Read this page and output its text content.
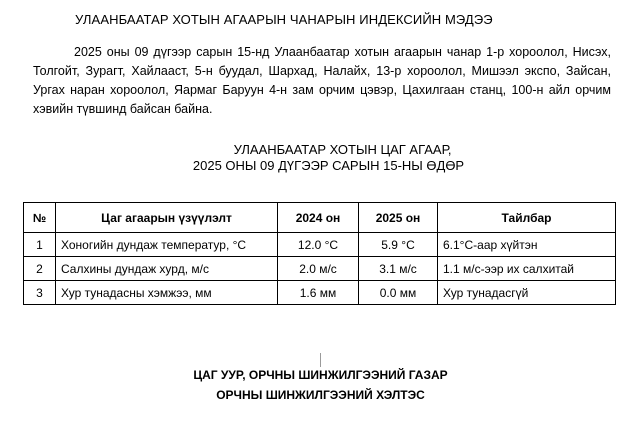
УЛААНБААТАР ХОТЫН АГААРЫН ЧАНАРЫН ИНДЕКСИЙН МЭДЭЭ
2025 оны 09 дүгээр сарын 15-нд Улаанбаатар хотын агаарын чанар 1-р хороолол, Нисэх, Толгойт, Зурагт, Хайлааст, 5-н буудал, Шархад, Налайх, 13-р хороолол, Мишээл экспо, Зайсан, Ургах наран хороолол, Яармаг Баруун 4-н зам орчим цэвэр, Цахилгаан станц, 100-н айл орчим хэвийн түвшинд байсан байна.
УЛААНБААТАР ХОТЫН ЦАГ АГААР,
2025 ОНЫ 09 ДҮГЭЭР САРЫН 15-НЫ ӨДӨР
№	Цаг агаарын үзүүлэлт	2024 он	2025 он	Тайлбар
1	Хоногийн дундаж температур, °С	12.0 °С	5.9 °С	6.1°С-аар хүйтэн
2	Салхины дундаж хурд, м/с	2.0 м/с	3.1 м/с	1.1 м/с-ээр их салхитай
3	Хур тунадасны хэмжээ, мм	1.6 мм	0.0 мм	Хур тунадасгүй
ЦАГ УУР, ОРЧНЫ ШИНЖИЛГЭЭНИЙ ГАЗАР
ОРЧНЫ ШИНЖИЛГЭЭНИЙ ХЭЛТЭС
